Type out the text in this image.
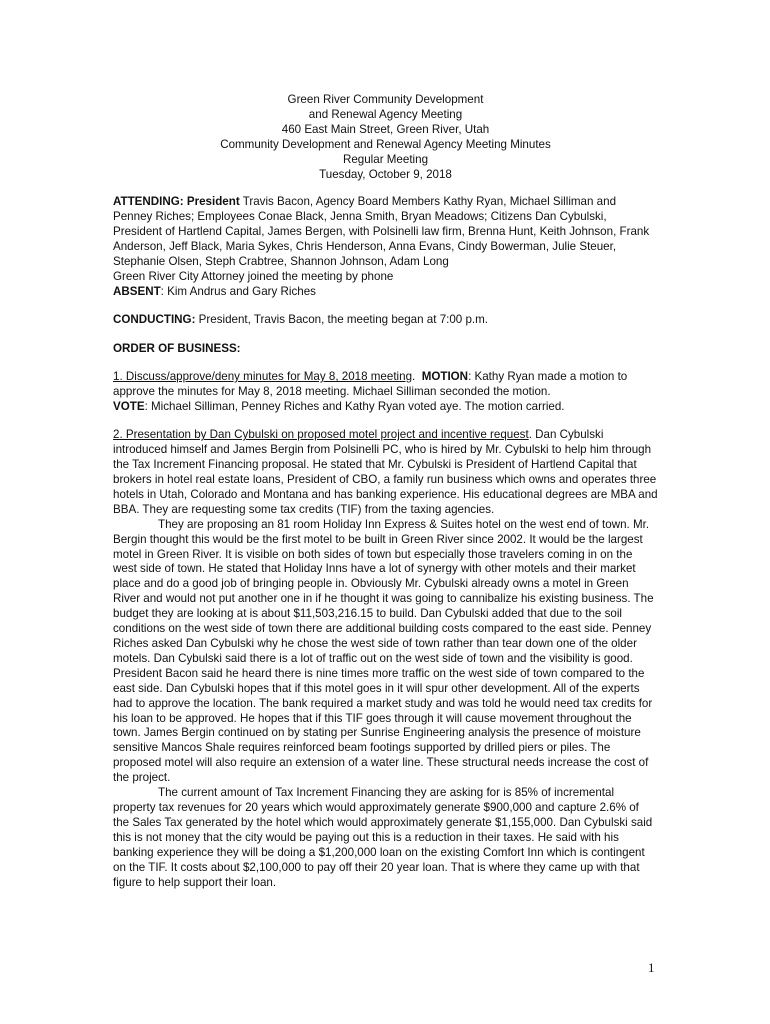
Green River Community Development
and Renewal Agency Meeting
460 East Main Street, Green River, Utah
Community Development and Renewal Agency Meeting Minutes
Regular Meeting
Tuesday, October 9, 2018

ATTENDING: President Travis Bacon, Agency Board Members Kathy Ryan, Michael Silliman and Penney Riches; Employees Conae Black, Jenna Smith, Bryan Meadows; Citizens Dan Cybulski, President of Hartlend Capital, James Bergen, with Polsinelli law firm, Brenna Hunt, Keith Johnson, Frank Anderson, Jeff Black, Maria Sykes, Chris Henderson, Anna Evans, Cindy Bowerman, Julie Steuer, Stephanie Olsen, Steph Crabtree, Shannon Johnson, Adam Long
Green River City Attorney joined the meeting by phone
ABSENT: Kim Andrus and Gary Riches

CONDUCTING: President, Travis Bacon, the meeting began at 7:00 p.m.

ORDER OF BUSINESS:

1. Discuss/approve/deny minutes for May 8, 2018 meeting.  MOTION: Kathy Ryan made a motion to approve the minutes for May 8, 2018 meeting. Michael Silliman seconded the motion.
VOTE: Michael Silliman, Penney Riches and Kathy Ryan voted aye. The motion carried.

2. Presentation by Dan Cybulski on proposed motel project and incentive request. Dan Cybulski introduced himself and James Bergin from Polsinelli PC, who is hired by Mr. Cybulski to help him through the Tax Increment Financing proposal. He stated that Mr. Cybulski is President of Hartlend Capital that brokers in hotel real estate loans, President of CBO, a family run business which owns and operates three hotels in Utah, Colorado and Montana and has banking experience. His educational degrees are MBA and BBA. They are requesting some tax credits (TIF) from the taxing agencies.
They are proposing an 81 room Holiday Inn Express & Suites hotel on the west end of town. Mr. Bergin thought this would be the first motel to be built in Green River since 2002. It would be the largest motel in Green River. It is visible on both sides of town but especially those travelers coming in on the west side of town. He stated that Holiday Inns have a lot of synergy with other motels and their market place and do a good job of bringing people in. Obviously Mr. Cybulski already owns a motel in Green River and would not put another one in if he thought it was going to cannibalize his existing business. The budget they are looking at is about $11,503,216.15 to build. Dan Cybulski added that due to the soil conditions on the west side of town there are additional building costs compared to the east side. Penney Riches asked Dan Cybulski why he chose the west side of town rather than tear down one of the older motels. Dan Cybulski said there is a lot of traffic out on the west side of town and the visibility is good. President Bacon said he heard there is nine times more traffic on the west side of town compared to the east side. Dan Cybulski hopes that if this motel goes in it will spur other development. All of the experts had to approve the location. The bank required a market study and was told he would need tax credits for his loan to be approved. He hopes that if this TIF goes through it will cause movement throughout the town. James Bergin continued on by stating per Sunrise Engineering analysis the presence of moisture sensitive Mancos Shale requires reinforced beam footings supported by drilled piers or piles. The proposed motel will also require an extension of a water line. These structural needs increase the cost of the project.
The current amount of Tax Increment Financing they are asking for is 85% of incremental property tax revenues for 20 years which would approximately generate $900,000 and capture 2.6% of the Sales Tax generated by the hotel which would approximately generate $1,155,000. Dan Cybulski said this is not money that the city would be paying out this is a reduction in their taxes. He said with his banking experience they will be doing a $1,200,000 loan on the existing Comfort Inn which is contingent on the TIF. It costs about $2,100,000 to pay off their 20 year loan. That is where they came up with that figure to help support their loan.
1
